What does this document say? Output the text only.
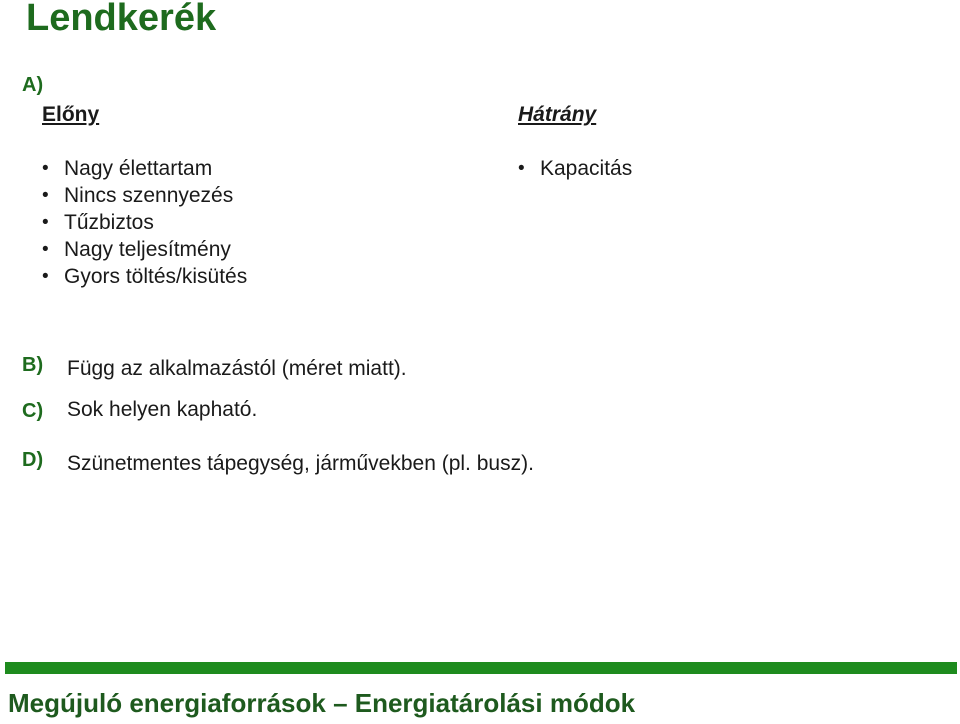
Lendkerék
A)
Előny
• Nagy élettartam
• Nincs szennyezés
• Tűzbiztos
• Nagy teljesítmény
• Gyors töltés/kisütés
Hátrány
• Kapacitás
B) Függ az alkalmazástól (méret miatt).
C) Sok helyen kapható.
D) Szünetmentes tápegység, járművekben (pl. busz).
Megújuló energiaforrások – Energiatárolási módok
